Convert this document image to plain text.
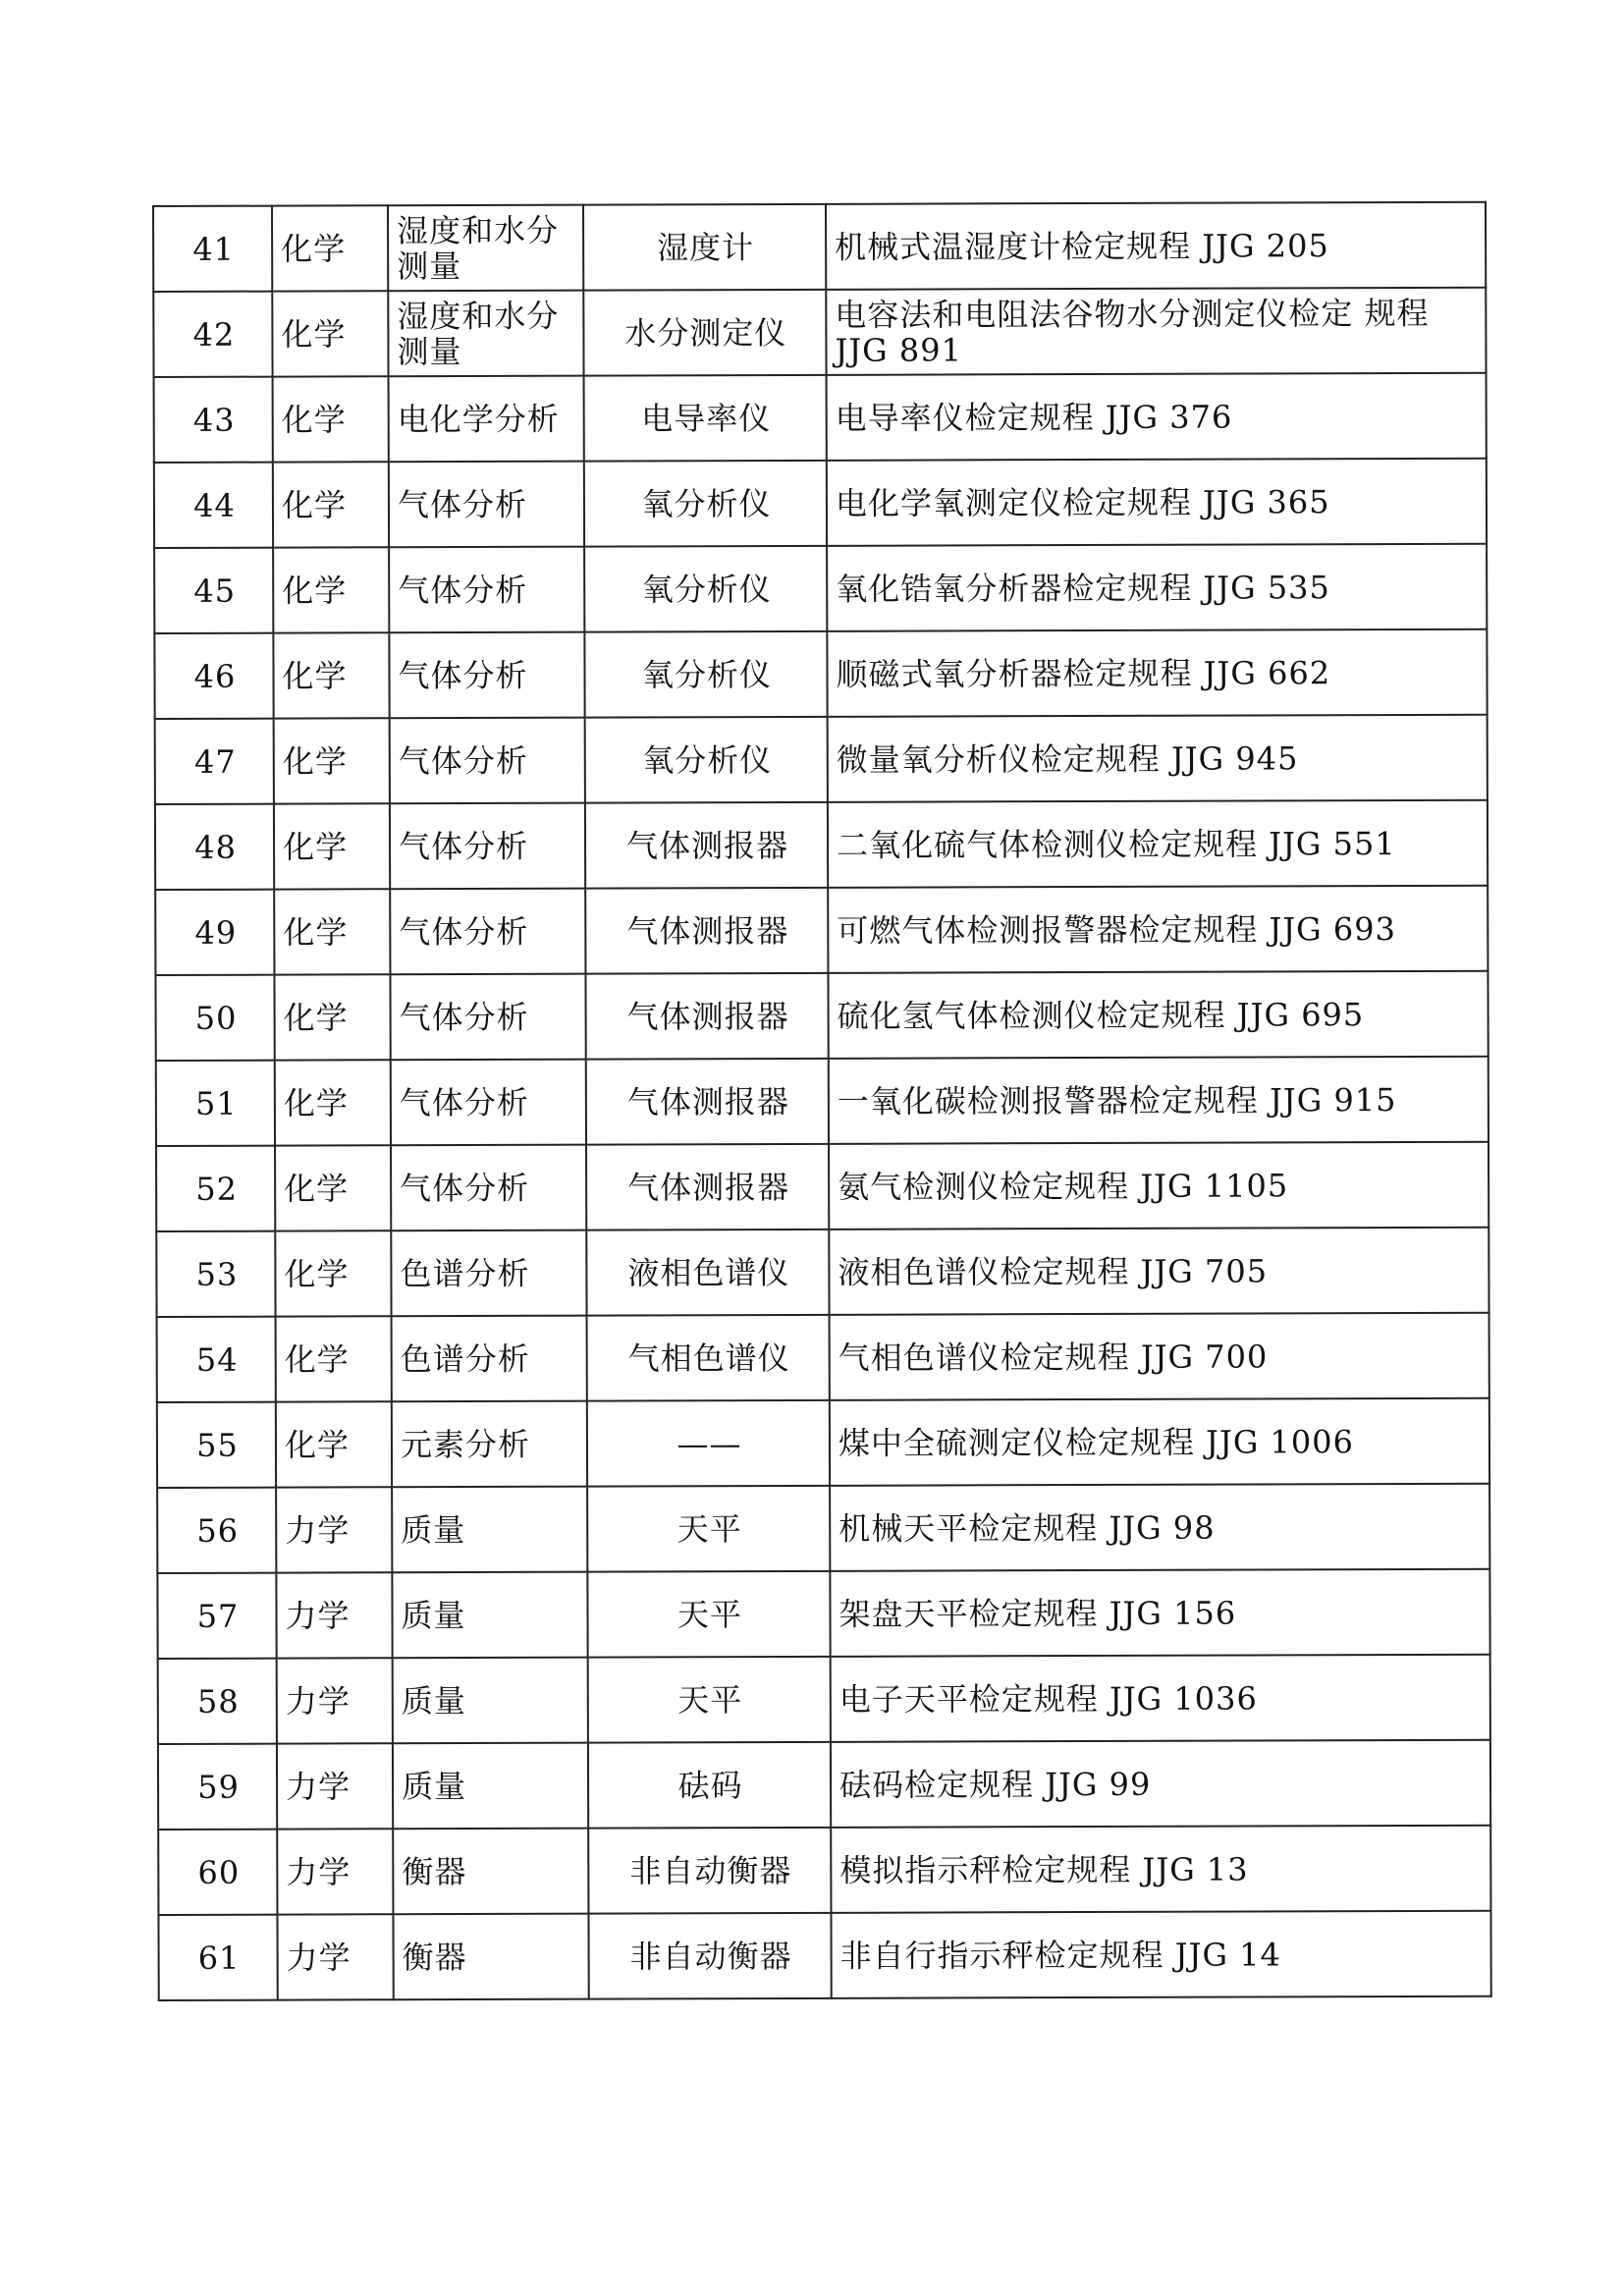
41	化学	湿度和水分测量	湿度计	机械式温湿度计检定规程 JJG 205
42	化学	湿度和水分测量	水分测定仪	电容法和电阻法谷物水分测定仪检定 规程 JJG 891
43	化学	电化学分析	电导率仪	电导率仪检定规程 JJG 376
44	化学	气体分析	氧分析仪	电化学氧测定仪检定规程 JJG 365
45	化学	气体分析	氧分析仪	氧化锆氧分析器检定规程 JJG 535
46	化学	气体分析	氧分析仪	顺磁式氧分析器检定规程 JJG 662
47	化学	气体分析	氧分析仪	微量氧分析仪检定规程 JJG 945
48	化学	气体分析	气体测报器	二氧化硫气体检测仪检定规程 JJG 551
49	化学	气体分析	气体测报器	可燃气体检测报警器检定规程 JJG 693
50	化学	气体分析	气体测报器	硫化氢气体检测仪检定规程 JJG 695
51	化学	气体分析	气体测报器	一氧化碳检测报警器检定规程 JJG 915
52	化学	气体分析	气体测报器	氨气检测仪检定规程 JJG 1105
53	化学	色谱分析	液相色谱仪	液相色谱仪检定规程 JJG 705
54	化学	色谱分析	气相色谱仪	气相色谱仪检定规程 JJG 700
55	化学	元素分析	——	煤中全硫测定仪检定规程 JJG 1006
56	力学	质量	天平	机械天平检定规程 JJG 98
57	力学	质量	天平	架盘天平检定规程 JJG 156
58	力学	质量	天平	电子天平检定规程 JJG 1036
59	力学	质量	砝码	砝码检定规程 JJG 99
60	力学	衡器	非自动衡器	模拟指示秤检定规程 JJG 13
61	力学	衡器	非自动衡器	非自行指示秤检定规程 JJG 14
